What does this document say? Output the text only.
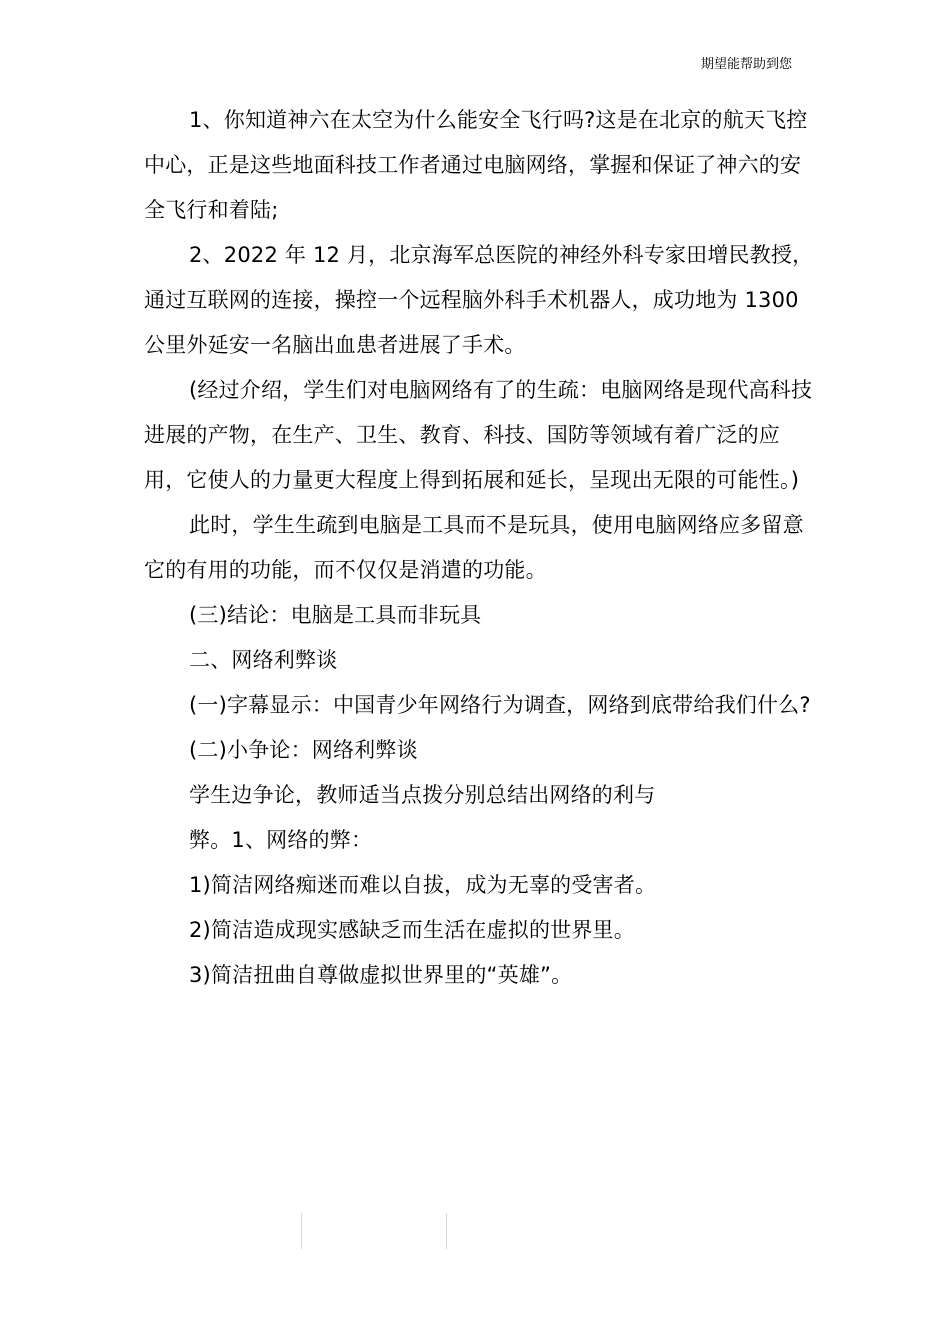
期望能帮助到您

1、你知道神六在太空为什么能安全飞行吗?这是在北京的航天飞控中心，正是这些地面科技工作者通过电脑网络，掌握和保证了神六的安全飞行和着陆;

2、2022 年 12 月，北京海军总医院的神经外科专家田增民教授， 通过互联网的连接，操控一个远程脑外科手术机器人，成功地为 1300 公里外延安一名脑出血患者进展了手术。

(经过介绍，学生们对电脑网络有了的生疏：电脑网络是现代高科技进展的产物，在生产、卫生、教育、科技、国防等领域有着广泛的应用，它使人的力量更大程度上得到拓展和延长，呈现出无限的可能性。)

此时，学生生疏到电脑是工具而不是玩具，使用电脑网络应多留意它的有用的功能，而不仅仅是消遣的功能。

(三)结论：电脑是工具而非玩具

二、网络利弊谈

(一)字幕显示：中国青少年网络行为调查，网络到底带给我们什么?

(二)小争论：网络利弊谈

学生边争论，教师适当点拨分别总结出网络的利与

弊。1、网络的弊：

1)简洁网络痴迷而难以自拔，成为无辜的受害者。

2)简洁造成现实感缺乏而生活在虚拟的世界里。

3)简洁扭曲自尊做虚拟世界里的“英雄”。
